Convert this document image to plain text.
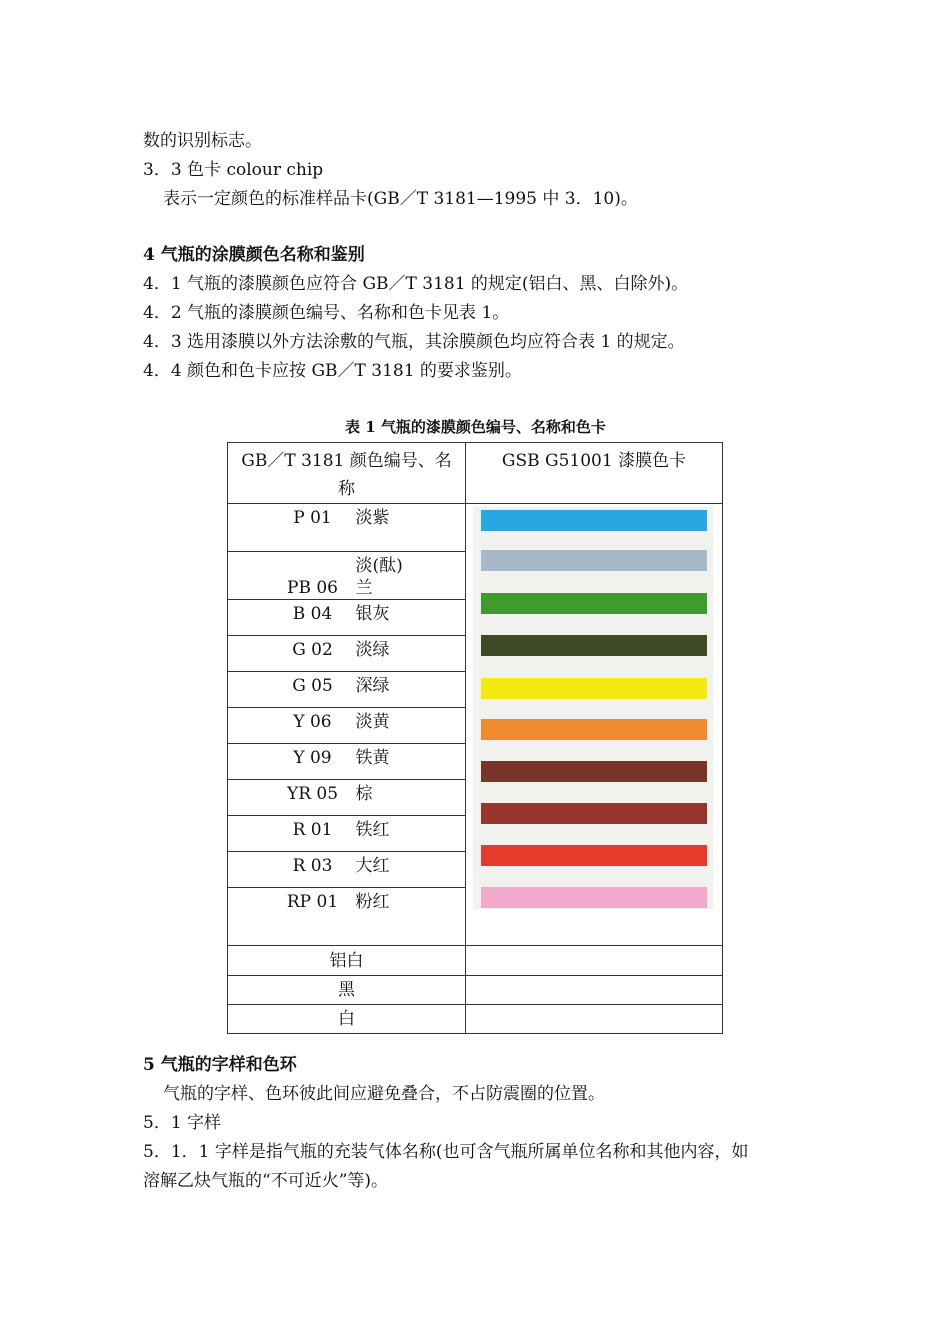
数的识别标志。
3．3 色卡 colour chip
表示一定颜色的标准样品卡(GB／T 3181—1995 中 3．10)。
4 气瓶的涂膜颜色名称和鉴别
4．1 气瓶的漆膜颜色应符合 GB／T 3181 的规定(铝白、黑、白除外)。
4．2 气瓶的漆膜颜色编号、名称和色卡见表 1。
4．3 选用漆膜以外方法涂敷的气瓶，其涂膜颜色均应符合表 1 的规定。
4．4 颜色和色卡应按 GB／T 3181 的要求鉴别。
表 1 气瓶的漆膜颜色编号、名称和色卡
GB／T 3181 颜色编号、名
称	GSB G51001 漆膜色卡
P 01 淡紫	

PB 06淡(酞)兰	
B 04 银灰	
G 02 淡绿	
G 05 深绿	
Y 06 淡黄	
Y 09 铁黄	
YR 05 棕	
R 01 铁红	
R 03 大红	
RP 01 粉红	
铝白	
黑	
白	
5 气瓶的字样和色环
气瓶的字样、色环彼此间应避免叠合，不占防震圈的位置。
5．1 字样
5．1．1 字样是指气瓶的充装气体名称(也可含气瓶所属单位名称和其他内容，如
溶解乙炔气瓶的“不可近火”等)。
